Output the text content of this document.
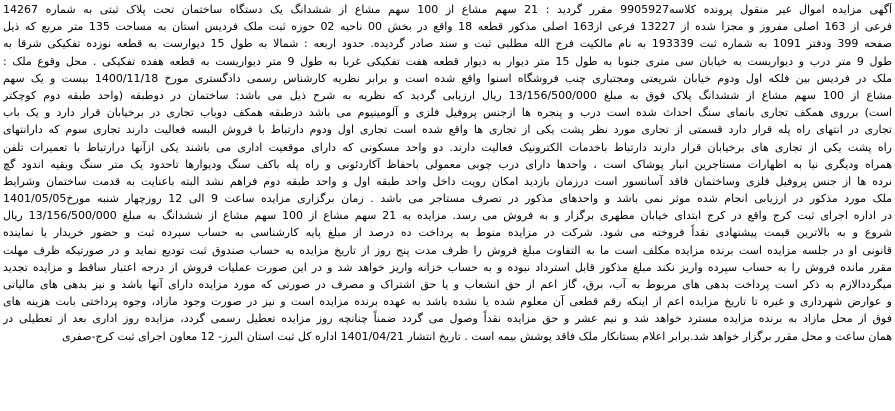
آگهی مزایده اموال غیر منقول پرونده کلاسه9905927 مقرر گردید : 21 سهم مشاع از 100 سهم مشاع از ششدانگ یک دستگاه ساختمان تحت پلاک ثبتی به شماره 14267
فرعی از 163 اصلی مفروز و مجزا شده از 13227 فرعی از163 اصلی مذکور قطعه 18 واقع در بخش 00 ناحیه 02 حوزه ثبت ملک فردیس استان به مساحت 135 متر مربع که ذیل
صفحه 399 ودفتر 1091 به شماره ثبت 193339 به نام مالکیت فرج الله مطلبی ثبت و سند صادر گردیده. حدود اربعه : شمالا به طول 15 دیوارست به قطعه نوزده تفکیکی شرقا به
طول 9 متر درب و دیواریست به خیابان سی متری جنوبا به طول 15 متر دیوار به دیوار قطعه هفت تفکیکی غربا به طول 9 متر دیواریست به قطعه هفده تفکیکی . محل وقوع ملک :
ملک در فردیس بین فلکه اول ودوم خیابان شریعتی ومجتباری چنب فروشگاه اسنوا واقع شده است و برابر نظریه کارشناس رسمی دادگستری مورخ 1400/11/18 بیست و یک سهم
مشاع از 100 سهم مشاع از ششدانگ پلاک فوق به مبلغ 13/156/500/000 ریال ارزیابی گردید که نظریه به شرح ذیل می باشد: ساختمان در دوطبقه (واحد طبقه دوم کوچکتر
است) برروی همکف تجاری بانمای سنگ احداث شده است درب و پنجره ها ازجنس پروفیل فلزی و آلومینیوم می باشد درطبقه همکف دوباب تجاری در برخیابان قرار دارد و یک باب
تجاری در انتهای راه پله قرار دارد قسمتی از تجاری مورد نظر پشت یکی از تجاری ها واقع شده است تجاری اول ودوم دارتباط با فروش البسه فعالیت دارند تجاری سوم که دارانتهای
راه پشت یکی از تجاری های برخیابان قرار دارند دارتباط باخدمات الکترونیک فعالیت دارند. دو واحد مسکونی که دارای موقعیت اداری می باشند یکی ازآنها درارتباط با تعمیرات تلفن
همراه ودیگری نیا به اظهارات مستاجرین انبار پوشاک است ، واحدها دارای درب چوبی معمولی باحفاظ آکاردئونی و راه پله باکف سنگ ودیوارها تاحدود یک متر سنگ وبقیه اندود گچ
نرده ها از جنس پروفیل فلزی وساختمان فاقد آسانسور است درزمان بازدید امکان رویت داخل واحد طبقه اول و واحد طبقه دوم فراهم نشد البته باعنایت به قدمت ساختمان وشرایط
ملک مورد مذکور در ارزیابی انجام شده موثر نمی باشد و واحدهای مذکور در تصرف مستاجر می باشد . زمان برگزاری مزایده ساعت 9 الی 12 روزچهار شنبه مورخ1401/05/05
در اداره اجرای ثبت کرج واقع در کرج ابتدای خیابان مطهری برگزار و به فروش می رسد. مزایده به 21 سهم مشاع از 100 سهم مشاع از ششدانگ به مبلغ 13/156/500/000 ریال
شروع و به بالاترین قیمت پیشنهادی نقداً فروخته می شود. شرکت در مزایده منوط به پرداخت ده درصد از مبلغ پایه کارشناسی به حساب سپرده ثبت و حضور خریدار یا نماینده
قانونی او در جلسه مزایده است برنده مزایده مکلف است ما به التفاوت مبلغ فروش را ظرف مدت پنج روز از تاریخ مزایده به حساب صندوق ثبت تودیع نماید و در صورتیکه ظرف مهلت
مقرر مانده فروش را به حساب سپرده واریز نکند مبلغ مذکور قابل استرداد نبوده و به حساب خزانه واریز خواهد شد و در این صورت عملیات فروش از درجه اعتبار ساقط و مزایده تجدید
میگرددالازم به ذکر است پرداخت بدهی های مربوط به آب، برق، گاز اعم از حق انشعاب و یا حق اشتراک و مصرف در صورتی که مورد مزایده دارای آنها باشد و نیز بدهی های مالیاتی
و عوارض شهرداری و غیره تا تاریخ مزایده اعم از اینکه رقم قطعی آن معلوم شده یا نشده باشد به عهده برنده مزایده است و نیز در صورت وجود مازاد، وجوه پرداختی بابت هزینه های
فوق از محل مازاد به برنده مزایده مسترد خواهد شد و نیم عشر و حق مزایده نقداً وصول می گردد ضمناً چنانچه روز مزایده تعطیل رسمی گردد، مزایده روز اداری بعد از تعطیلی در
همان ساعت و محل مقرر برگزار خواهد شد.برابر اعلام بستانکار ملک فاقد پوشش بیمه است . تاریخ انتشار 1401/04/21 اداره کل ثبت استان البرز- 12 معاون اجرای ثبت کرج-صفری
